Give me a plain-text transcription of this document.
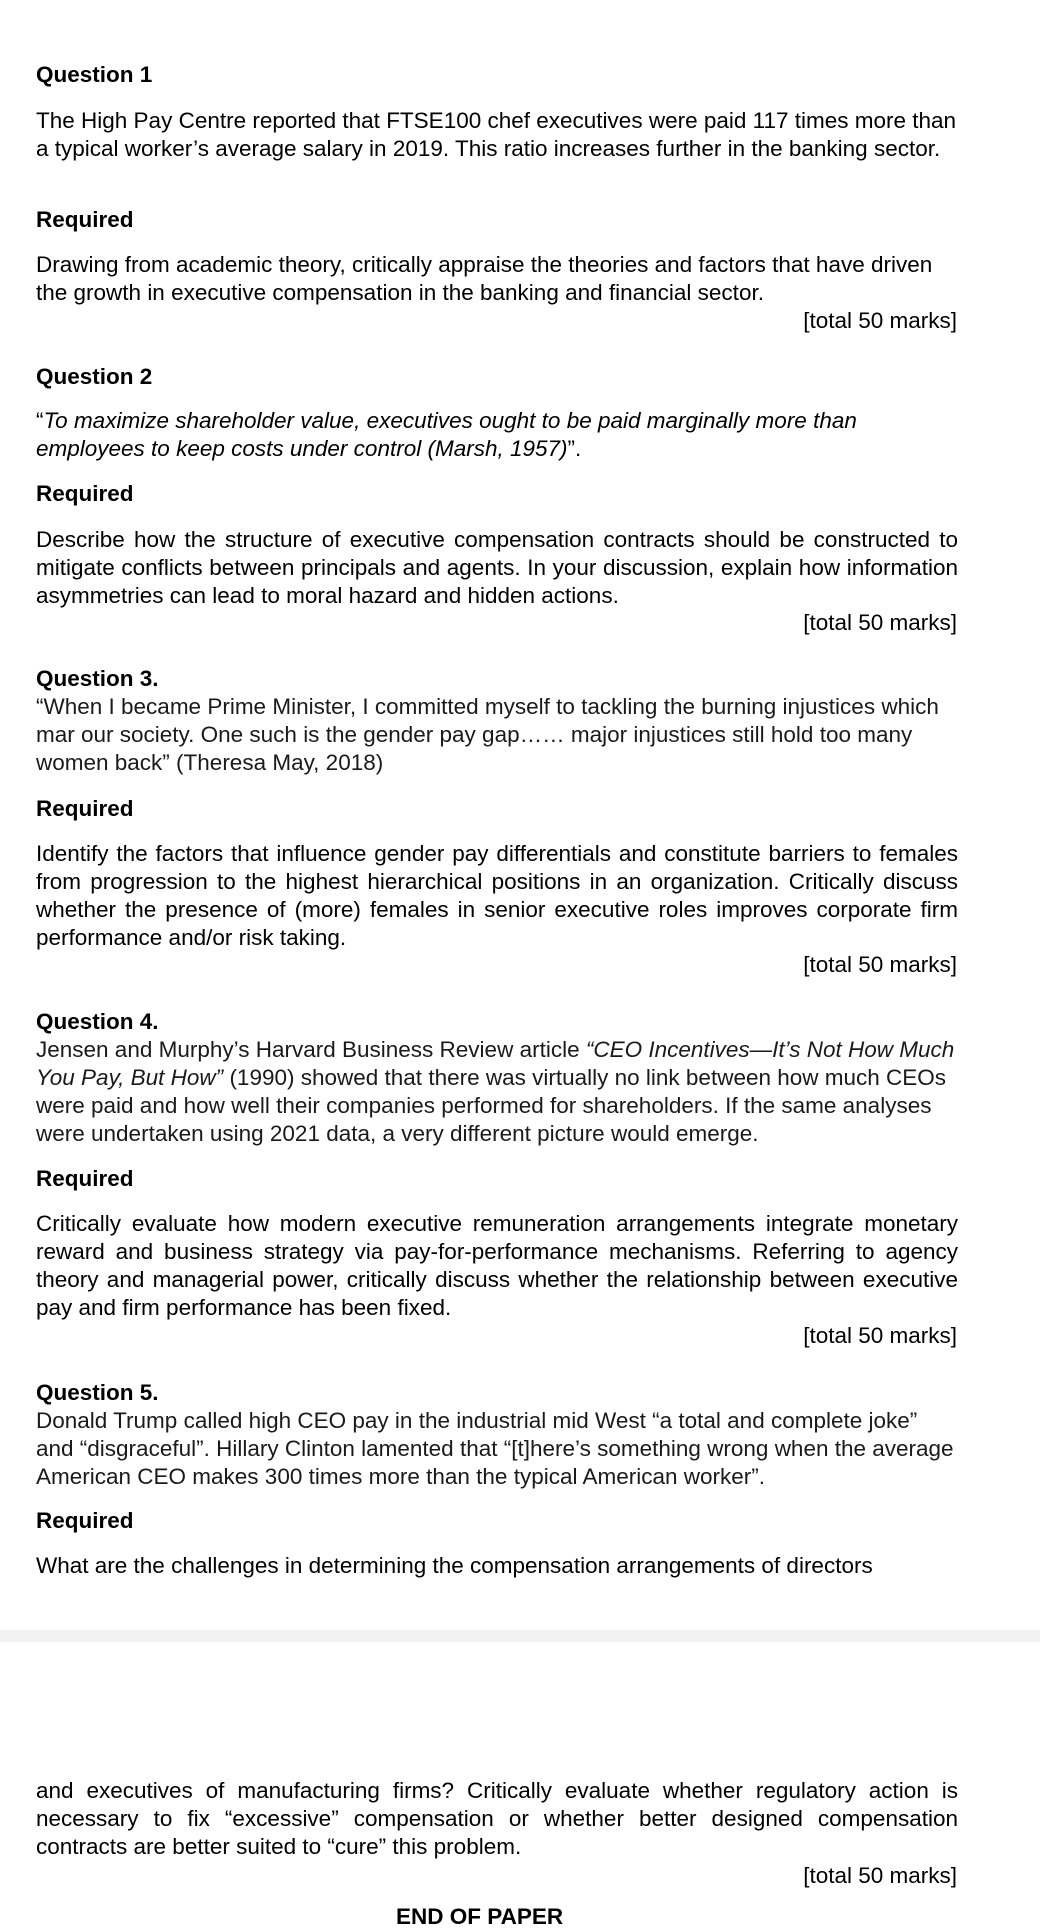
Question 1

The High Pay Centre reported that FTSE100 chef executives were paid 117 times more than a typical worker’s average salary in 2019. This ratio increases further in the banking sector.

Required

Drawing from academic theory, critically appraise the theories and factors that have driven the growth in executive compensation in the banking and financial sector.

[total 50 marks]

Question 2

“To maximize shareholder value, executives ought to be paid marginally more than employees to keep costs under control (Marsh, 1957)”.

Required

Describe how the structure of executive compensation contracts should be constructed to mitigate conflicts between principals and agents. In your discussion, explain how information asymmetries can lead to moral hazard and hidden actions.

[total 50 marks]

Question 3.

“When I became Prime Minister, I committed myself to tackling the burning injustices which mar our society. One such is the gender pay gap…… major injustices still hold too many women back” (Theresa May, 2018)

Required

Identify the factors that influence gender pay differentials and constitute barriers to females from progression to the highest hierarchical positions in an organization. Critically discuss whether the presence of (more) females in senior executive roles improves corporate firm performance and/or risk taking.

[total 50 marks]

Question 4.

Jensen and Murphy’s Harvard Business Review article “CEO Incentives—It’s Not How Much You Pay, But How” (1990) showed that there was virtually no link between how much CEOs were paid and how well their companies performed for shareholders. If the same analyses were undertaken using 2021 data, a very different picture would emerge.

Required

Critically evaluate how modern executive remuneration arrangements integrate monetary reward and business strategy via pay-for-performance mechanisms. Referring to agency theory and managerial power, critically discuss whether the relationship between executive pay and firm performance has been fixed.

[total 50 marks]

Question 5.

Donald Trump called high CEO pay in the industrial mid West “a total and complete joke” and “disgraceful”. Hillary Clinton lamented that “[t]here’s something wrong when the average American CEO makes 300 times more than the typical American worker”.

Required

What are the challenges in determining the compensation arrangements of directors

and executives of manufacturing firms? Critically evaluate whether regulatory action is necessary to fix “excessive” compensation or whether better designed compensation contracts are better suited to “cure” this problem.

[total 50 marks]

END OF PAPER
